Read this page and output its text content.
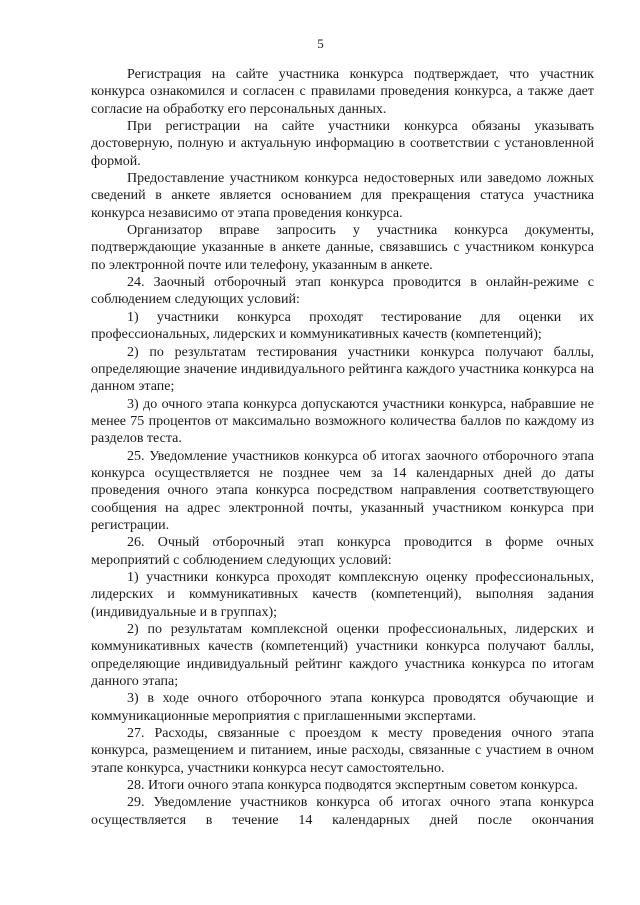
5

Регистрация на сайте участника конкурса подтверждает, что участник конкурса ознакомился и согласен с правилами проведения конкурса, а также дает согласие на обработку его персональных данных.

При регистрации на сайте участники конкурса обязаны указывать достоверную, полную и актуальную информацию в соответствии с установленной формой.

Предоставление участником конкурса недостоверных или заведомо ложных сведений в анкете является основанием для прекращения статуса участника конкурса независимо от этапа проведения конкурса.

Организатор вправе запросить у участника конкурса документы, подтверждающие указанные в анкете данные, связавшись с участником конкурса по электронной почте или телефону, указанным в анкете.

24. Заочный отборочный этап конкурса проводится в онлайн-режиме с соблюдением следующих условий:

1) участники конкурса проходят тестирование для оценки их профессиональных, лидерских и коммуникативных качеств (компетенций);

2) по результатам тестирования участники конкурса получают баллы, определяющие значение индивидуального рейтинга каждого участника конкурса на данном этапе;

3) до очного этапа конкурса допускаются участники конкурса, набравшие не менее 75 процентов от максимально возможного количества баллов по каждому из разделов теста.

25. Уведомление участников конкурса об итогах заочного отборочного этапа конкурса осуществляется не позднее чем за 14 календарных дней до даты проведения очного этапа конкурса посредством направления соответствующего сообщения на адрес электронной почты, указанный участником конкурса при регистрации.

26. Очный отборочный этап конкурса проводится в форме очных мероприятий с соблюдением следующих условий:

1) участники конкурса проходят комплексную оценку профессиональных, лидерских и коммуникативных качеств (компетенций), выполняя задания (индивидуальные и в группах);

2) по результатам комплексной оценки профессиональных, лидерских и коммуникативных качеств (компетенций) участники конкурса получают баллы, определяющие индивидуальный рейтинг каждого участника конкурса по итогам данного этапа;

3) в ходе очного отборочного этапа конкурса проводятся обучающие и коммуникационные мероприятия с приглашенными экспертами.

27. Расходы, связанные с проездом к месту проведения очного этапа конкурса, размещением и питанием, иные расходы, связанные с участием в очном этапе конкурса, участники конкурса несут самостоятельно.

28. Итоги очного этапа конкурса подводятся экспертным советом конкурса.

29. Уведомление участников конкурса об итогах очного этапа конкурса осуществляется в течение 14 календарных дней после окончания
